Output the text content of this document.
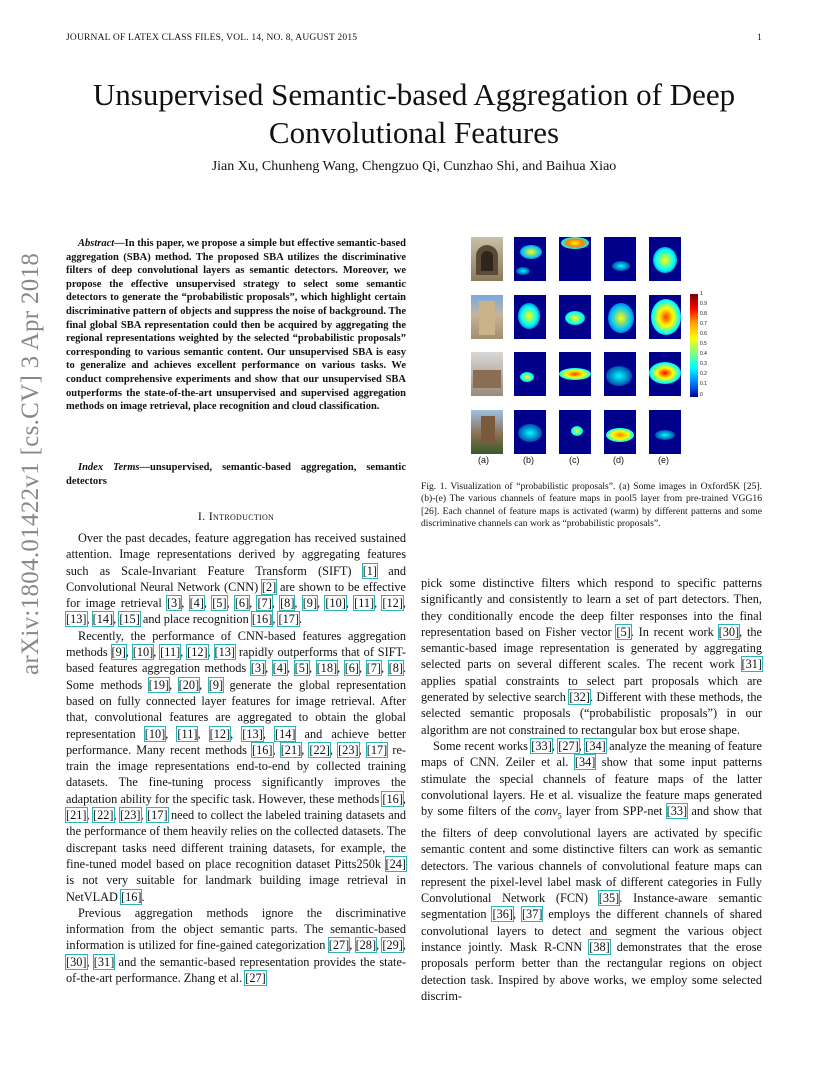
JOURNAL OF LATEX CLASS FILES, VOL. 14, NO. 8, AUGUST 2015	1
Unsupervised Semantic-based Aggregation of Deep Convolutional Features
Jian Xu, Chunheng Wang, Chengzuo Qi, Cunzhao Shi, and Baihua Xiao
arXiv:1804.01422v1 [cs.CV] 3 Apr 2018
Abstract—In this paper, we propose a simple but effective semantic-based aggregation (SBA) method. The proposed SBA utilizes the discriminative filters of deep convolutional layers as semantic detectors. Moreover, we propose the effective unsupervised strategy to select some semantic detectors to generate the “probabilistic proposals”, which highlight certain discriminative pattern of objects and suppress the noise of background. The final global SBA representation could then be acquired by aggregating the regional representations weighted by the selected “probabilistic proposals” corresponding to various semantic content. Our unsupervised SBA is easy to generalize and achieves excellent performance on various tasks. We conduct comprehensive experiments and show that our unsupervised SBA outperforms the state-of-the-art unsupervised and supervised aggregation methods on image retrieval, place recognition and cloud classification.
Index Terms—unsupervised, semantic-based aggregation, semantic detectors
I. Introduction

Over the past decades, feature aggregation has received sustained attention. Image representations derived by aggregating features such as Scale-Invariant Feature Transform (SIFT) [1] and Convolutional Neural Network (CNN) [2] are shown to be effective for image retrieval [3], [4], [5], [6], [7], [8], [9], [10], [11], [12], [13], [14], [15] and place recognition [16], [17].

Recently, the performance of CNN-based features aggregation methods [9], [10], [11], [12], [13] rapidly outperforms that of SIFT-based features aggregation methods [3], [4], [5], [18], [6], [7], [8]. Some methods [19], [20], [9] generate the global representation based on fully connected layer features for image retrieval. After that, convolutional features are aggregated to obtain the global representation [10], [11], [12], [13], [14] and achieve better performance. Many recent methods [16], [21], [22], [23], [17] re-train the image representations end-to-end by collected training datasets. The fine-tuning process significantly improves the adaptation ability for the specific task. However, these methods [16], [21], [22], [23], [17] need to collect the labeled training datasets and the performance of them heavily relies on the collected datasets. The discrepant tasks need different training datasets, for example, the fine-tuned model based on place recognition dataset Pitts250k [24] is not very suitable for landmark building image retrieval in NetVLAD [16].

Previous aggregation methods ignore the discriminative information from the object semantic parts. The semantic-based information is utilized for fine-gained categorization [27], [28], [29], [30], [31] and the semantic-based representation provides the state-of-the-art performance. Zhang et al. [27]

1
0.9
0.8
0.7
0.6
0.5
0.4
0.3
0.2
0.1
0
(a)	(b)	(c)	(d)	(e)
Fig. 1. Visualization of “probabilistic proposals”. (a) Some images in Oxford5K [25]. (b)-(e) The various channels of feature maps in pool5 layer from pre-trained VGG16 [26]. Each channel of feature maps is activated (warm) by different patterns and some discriminative channels can work as “probabilistic proposals”.

pick some distinctive filters which respond to specific patterns significantly and consistently to learn a set of part detectors. Then, they conditionally encode the deep filter responses into the final representation based on Fisher vector [5]. In recent work [30], the semantic-based image representation is generated by aggregating selected parts on several different scales. The recent work [31] applies spatial constraints to select part proposals which are generated by selective search [32]. Different with these methods, the selected semantic proposals (“probabilistic proposals”) in our algorithm are not constrained to rectangular box but erose shape.

Some recent works [33], [27], [34] analyze the meaning of feature maps of CNN. Zeiler et al. [34] show that some input patterns stimulate the special channels of feature maps of the latter convolutional layers. He et al. visualize the feature maps generated by some filters of the conv$_5$ layer from SPP-net [33] and show that the filters of deep convolutional layers are activated by specific semantic content and some distinctive filters can work as semantic detectors. The various channels of convolutional feature maps can represent the pixel-level label mask of different categories in Fully Convolutional Network (FCN) [35]. Instance-aware semantic segmentation [36], [37] employs the different channels of shared convolutional layers to detect and segment the various object instance jointly. Mask R-CNN [38] demonstrates that the erose proposals perform better than the rectangular regions on object detection task. Inspired by above works, we employ some selected discrim-
